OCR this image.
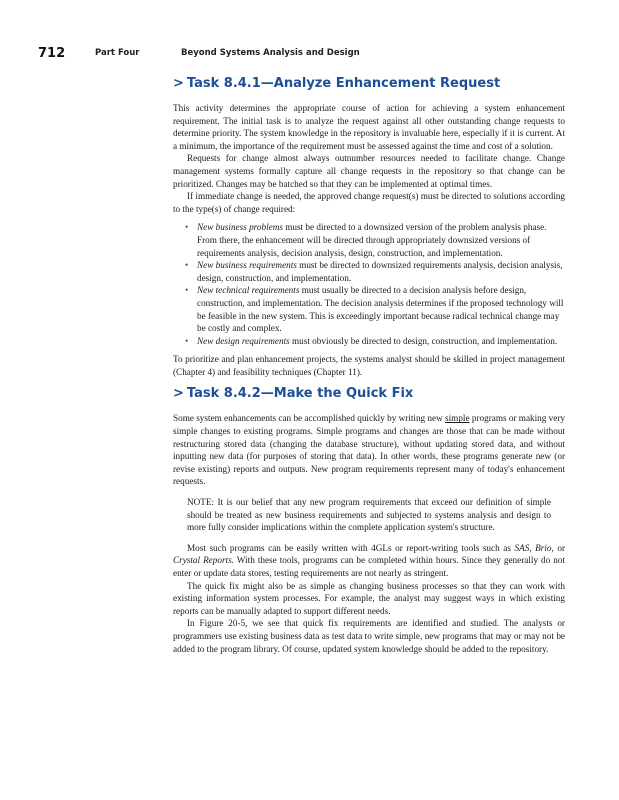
712	Part Four	Beyond Systems Analysis and Design
> Task 8.4.1—Analyze Enhancement Request

This activity determines the appropriate course of action for achieving a system enhancement requirement. The initial task is to analyze the request against all other outstanding change requests to determine priority. The system knowledge in the repository is invaluable here, especially if it is current. At a minimum, the importance of the requirement must be assessed against the time and cost of a solution.

Requests for change almost always outnumber resources needed to facilitate change. Change management systems formally capture all change requests in the repository so that change can be prioritized. Changes may be batched so that they can be implemented at optimal times.

If immediate change is needed, the approved change request(s) must be directed to solutions according to the type(s) of change required:

• New business problems must be directed to a downsized version of the problem analysis phase. From there, the enhancement will be directed through appropriately downsized versions of requirements analysis, decision analysis, design, construction, and implementation.
• New business requirements must be directed to downsized requirements analysis, decision analysis, design, construction, and implementation.
• New technical requirements must usually be directed to a decision analysis before design, construction, and implementation. The decision analysis determines if the proposed technology will be feasible in the new system. This is exceedingly important because radical technical change may be costly and complex.
• New design requirements must obviously be directed to design, construction, and implementation.

To prioritize and plan enhancement projects, the systems analyst should be skilled in project management (Chapter 4) and feasibility techniques (Chapter 11).

> Task 8.4.2—Make the Quick Fix

Some system enhancements can be accomplished quickly by writing new simple programs or making very simple changes to existing programs. Simple programs and changes are those that can be made without restructuring stored data (changing the database structure), without updating stored data, and without inputting new data (for purposes of storing that data). In other words, these programs generate new (or revise existing) reports and outputs. New program requirements represent many of today's enhancement requests.

NOTE: It is our belief that any new program requirements that exceed our definition of simple should be treated as new business requirements and subjected to systems analysis and design to more fully consider implications within the complete application system's structure.

Most such programs can be easily written with 4GLs or report-writing tools such as SAS, Brio, or Crystal Reports. With these tools, programs can be completed within hours. Since they generally do not enter or update data stores, testing requirements are not nearly as stringent.

The quick fix might also be as simple as changing business processes so that they can work with existing information system processes. For example, the analyst may suggest ways in which existing reports can be manually adapted to support different needs.

In Figure 20-5, we see that quick fix requirements are identified and studied. The analysts or programmers use existing business data as test data to write simple, new programs that may or may not be added to the program library. Of course, updated system knowledge should be added to the repository.
